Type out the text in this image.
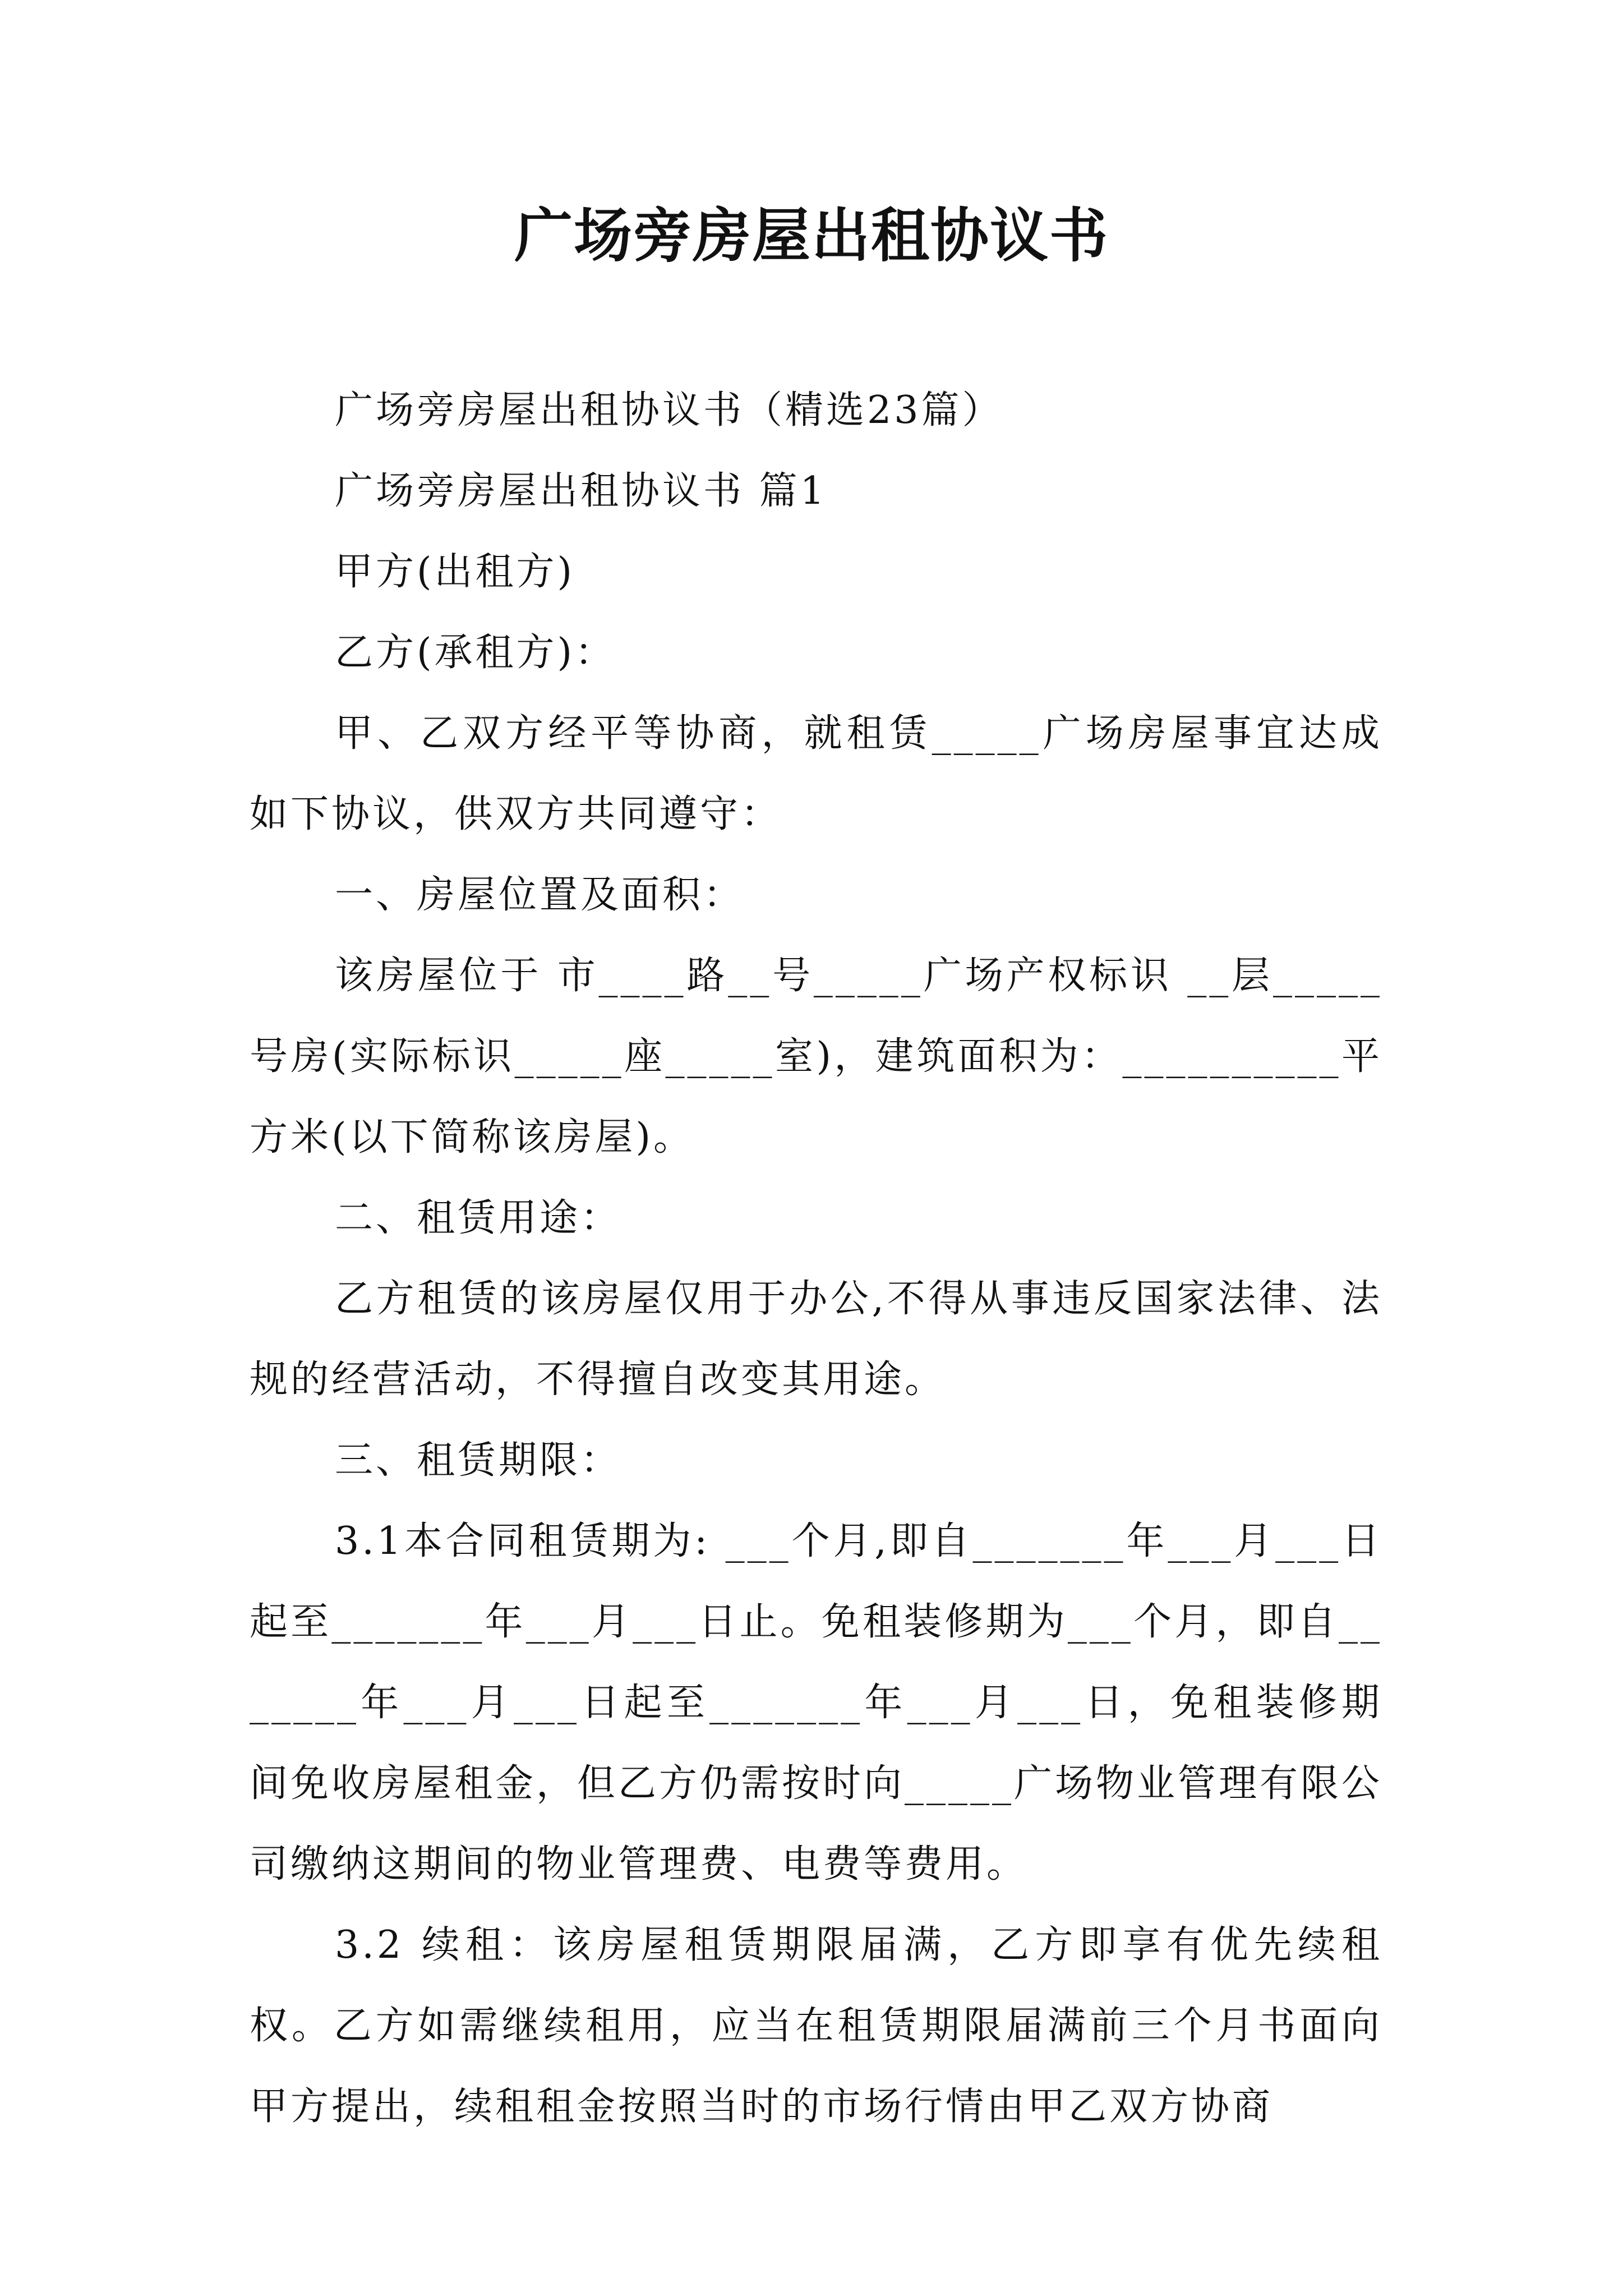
广场旁房屋出租协议书

广场旁房屋出租协议书（精选23篇）

广场旁房屋出租协议书 篇1

甲方(出租方)

乙方(承租方)：

甲、乙双方经平等协商，就租赁_____广场房屋事宜达成如下协议，供双方共同遵守：

一、房屋位置及面积：

该房屋位于 市____路__号_____广场产权标识 __层_____号房(实际标识_____座_____室)，建筑面积为：__________平方米(以下简称该房屋)。

二、租赁用途：

乙方租赁的该房屋仅用于办公,不得从事违反国家法律、法规的经营活动，不得擅自改变其用途。

三、租赁期限：

3.1本合同租赁期为: ___个月,即自_______年___月___日起至_______年___月___日止。免租装修期为___个月，即自_______年___月___日起至_______年___月___日，免租装修期间免收房屋租金，但乙方仍需按时向_____广场物业管理有限公司缴纳这期间的物业管理费、电费等费用。

3.2 续租：该房屋租赁期限届满，乙方即享有优先续租权。乙方如需继续租用，应当在租赁期限届满前三个月书面向甲方提出，续租租金按照当时的市场行情由甲乙双方协商
